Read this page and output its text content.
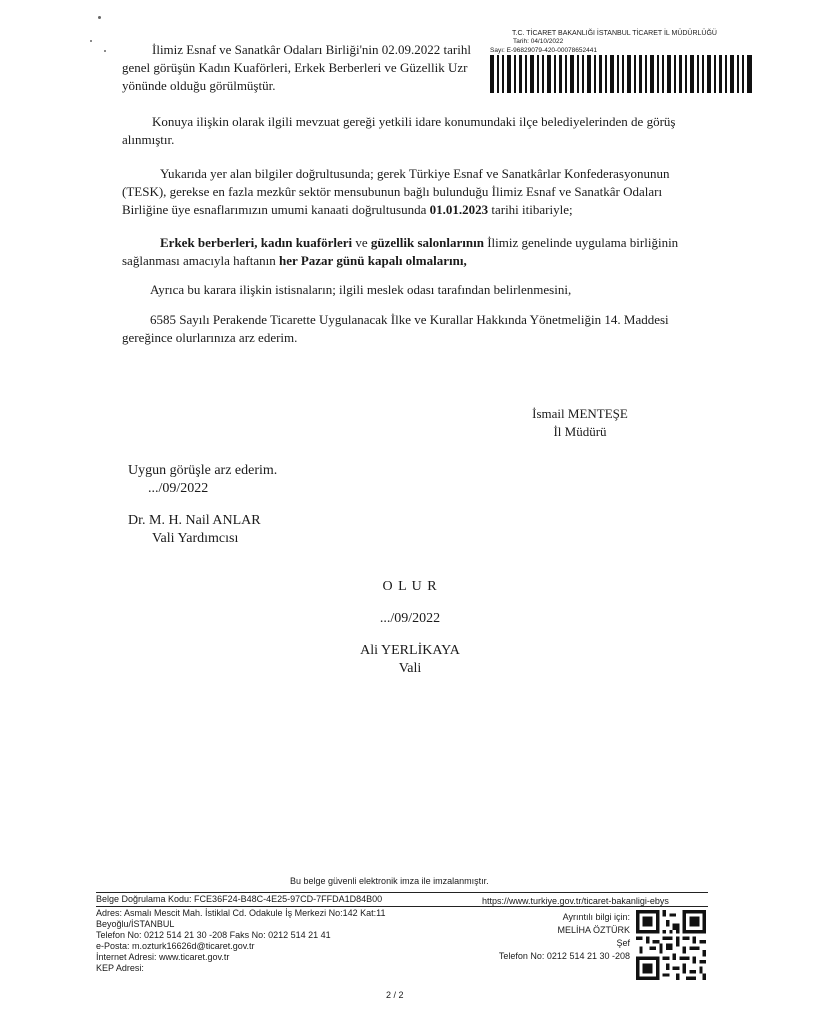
T.C. TİCARET BAKANLIĞI İSTANBUL TİCARET İL MÜDÜRLÜĞÜ
Tarih: 04/10/2022
Sayı: E-96829079-420-00078652441
İlimiz Esnaf ve Sanatkâr Odaları Birliği'nin 02.09.2022 tarihl
genel görüşün Kadın Kuaförleri, Erkek Berberleri ve Güzellik Uzr
yönünde olduğu görülmüştür.
Konuya ilişkin olarak ilgili mevzuat gereği yetkili idare konumundaki ilçe belediyelerinden de görüş
alınmıştır.
Yukarıda yer alan bilgiler doğrultusunda; gerek Türkiye Esnaf ve Sanatkârlar Konfederasyonunun
(TESK), gerekse en fazla mezkûr sektör mensubunun bağlı bulunduğu İlimiz Esnaf ve Sanatkâr Odaları
Birliğine üye esnaflarımızın umumi kanaati doğrultusunda 01.01.2023 tarihi itibariyle;
Erkek berberleri, kadın kuaförleri ve güzellik salonlarının İlimiz genelinde uygulama birliğinin
sağlanması amacıyla haftanın her Pazar günü kapalı olmalarını,
Ayrıca bu karara ilişkin istisnaların; ilgili meslek odası tarafından belirlenmesini,
6585 Sayılı Perakende Ticarette Uygulanacak İlke ve Kurallar Hakkında Yönetmeliğin 14. Maddesi
gereğince olurlarınıza arz ederim.
İsmail MENTEŞE
İl Müdürü
Uygun görüşle arz ederim.
.../09/2022
Dr. M. H. Nail ANLAR
Vali Yardımcısı
O L U R
.../09/2022
Ali YERLİKAYA
Vali
Bu belge güvenli elektronik imza ile imzalanmıştır.
Belge Doğrulama Kodu: FCE36F24-B48C-4E25-97CD-7FFDA1D84B00	https://www.turkiye.gov.tr/ticaret-bakanligi-ebys
Adres: Asmalı Mescit Mah. İstiklal Cd. Odakule İş Merkezi No:142 Kat:11
Beyoğlu/İSTANBUL
Telefon No: 0212 514 21 30 -208 Faks No: 0212 514 21 41
e-Posta: m.ozturk16626d@ticaret.gov.tr
İnternet Adresi: www.ticaret.gov.tr
KEP Adresi:
Ayrıntılı bilgi için:
MELİHA ÖZTÜRK
Şef
Telefon No: 0212 514 21 30 -208
2 / 2
